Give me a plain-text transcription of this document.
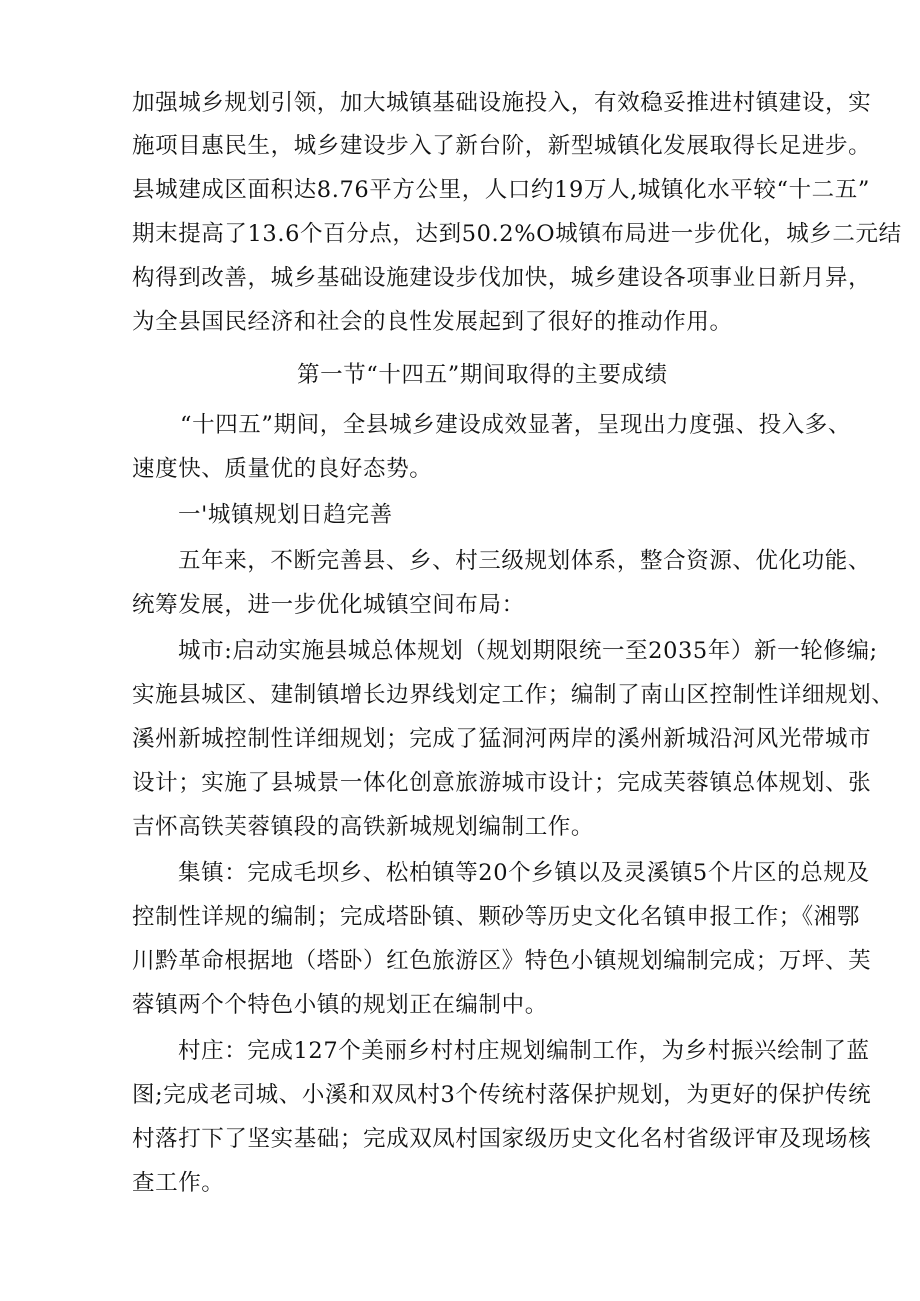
加强城乡规划引领，加大城镇基础设施投入，有效稳妥推进村镇建设，实
施项目惠民生，城乡建设步入了新台阶，新型城镇化发展取得长足进步。
县城建成区面积达8.76平方公里，人口约19万人,城镇化水平较“十二五”
期末提高了13.6个百分点，达到50.2%O城镇布局进一步优化，城乡二元结
构得到改善，城乡基础设施建设步伐加快，城乡建设各项事业日新月异，
为全县国民经济和社会的良性发展起到了很好的推动作用。
第一节“十四五”期间取得的主要成绩
“十四五”期间，全县城乡建设成效显著，呈现出力度强、投入多、
速度快、质量优的良好态势。
一'城镇规划日趋完善
五年来，不断完善县、乡、村三级规划体系，整合资源、优化功能、
统筹发展，进一步优化城镇空间布局：
城市:启动实施县城总体规划（规划期限统一至2035年）新一轮修编;
实施县城区、建制镇增长边界线划定工作；编制了南山区控制性详细规划、
溪州新城控制性详细规划；完成了猛洞河两岸的溪州新城沿河风光带城市
设计；实施了县城景一体化创意旅游城市设计；完成芙蓉镇总体规划、张
吉怀高铁芙蓉镇段的高铁新城规划编制工作。
集镇：完成毛坝乡、松柏镇等20个乡镇以及灵溪镇5个片区的总规及
控制性详规的编制；完成塔卧镇、颗砂等历史文化名镇申报工作；《湘鄂
川黔革命根据地（塔卧）红色旅游区》特色小镇规划编制完成；万坪、芙
蓉镇两个个特色小镇的规划正在编制中。
村庄：完成127个美丽乡村村庄规划编制工作，为乡村振兴绘制了蓝
图;完成老司城、小溪和双凤村3个传统村落保护规划，为更好的保护传统
村落打下了坚实基础；完成双凤村国家级历史文化名村省级评审及现场核
查工作。
